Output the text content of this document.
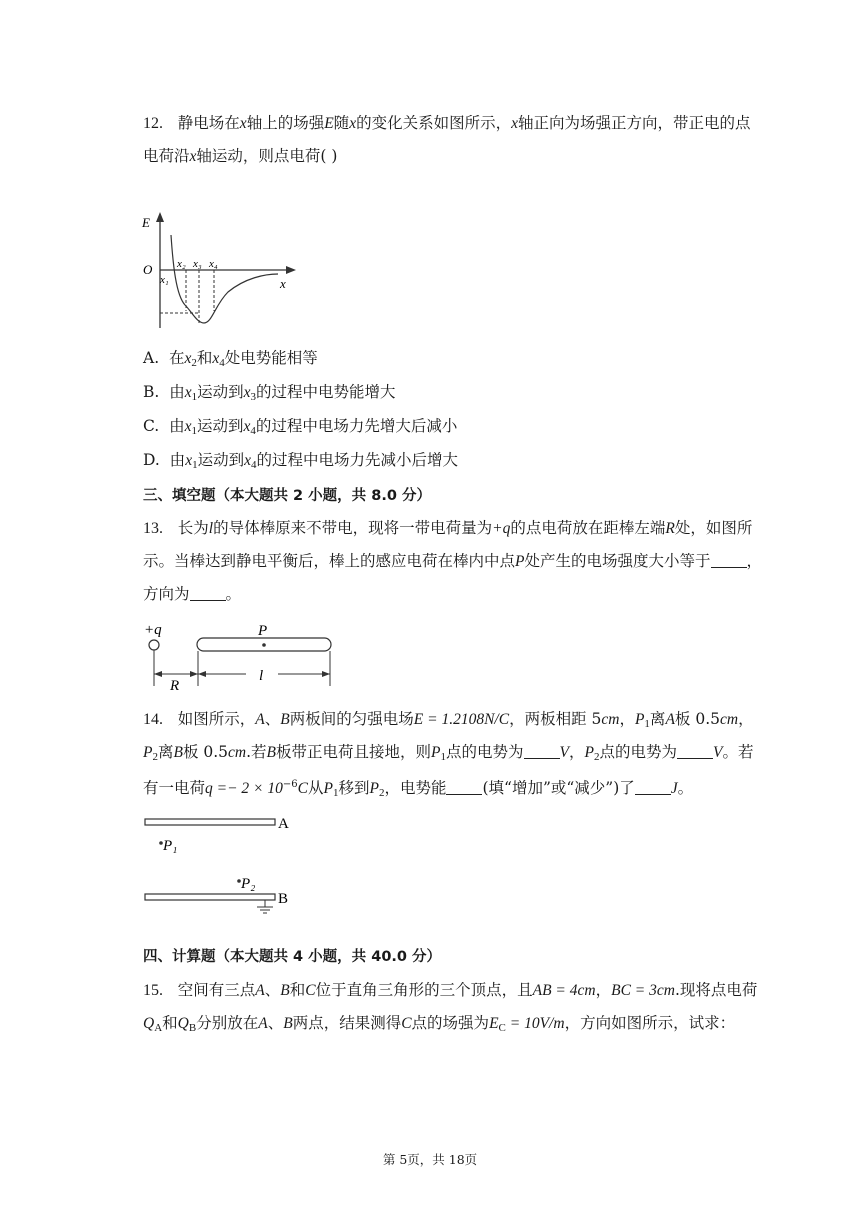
12. 静电场在x轴上的场强E随x的变化关系如图所示，x轴正向为场强正方向，带正电的点
电荷沿x轴运动，则点电荷( )
E
O
x₁
x₂ x₃ x₄
x
A. 在$x_2$和$x_4$处电势能相等
B. 由$x_1$运动到$x_3$的过程中电势能增大
C. 由$x_1$运动到$x_4$的过程中电场力先增大后减小
D. 由$x_1$运动到$x_4$的过程中电场力先减小后增大
三、填空题（本大题共 2 小题，共 8.0 分）
13. 长为l的导体棒原来不带电，现将一带电荷量为+q的点电荷放在距棒左端R处，如图所
示。当棒达到静电平衡后，棒上的感应电荷在棒内中点P处产生的电场强度大小等于 ，
方向为 。
+q	P
R
l
14. 如图所示，A、B两板间的匀强电场E = 1.2108N/C，两板相距 5cm，$P_1$离A板 0.5cm，
$P_2$离B板 0.5cm.若B板带正电荷且接地，则$P_1$点的电势为 V，$P_2$点的电势为 V。若
有一电荷$q =- 2 \times 10^{-6}C$从$P_1$移到$P_2$，电势能 (填“增加”或“减少”)了 J。
A
P₁
P₂
B
四、计算题（本大题共 4 小题，共 40.0 分）
15. 空间有三点A、B和C位于直角三角形的三个顶点，且AB = 4cm，BC = 3cm.现将点电荷
$Q_A$和$Q_B$分别放在A、B两点，结果测得C点的场强为$E_C = 10V/m$，方向如图所示，试求：
第 5页，共 18页
